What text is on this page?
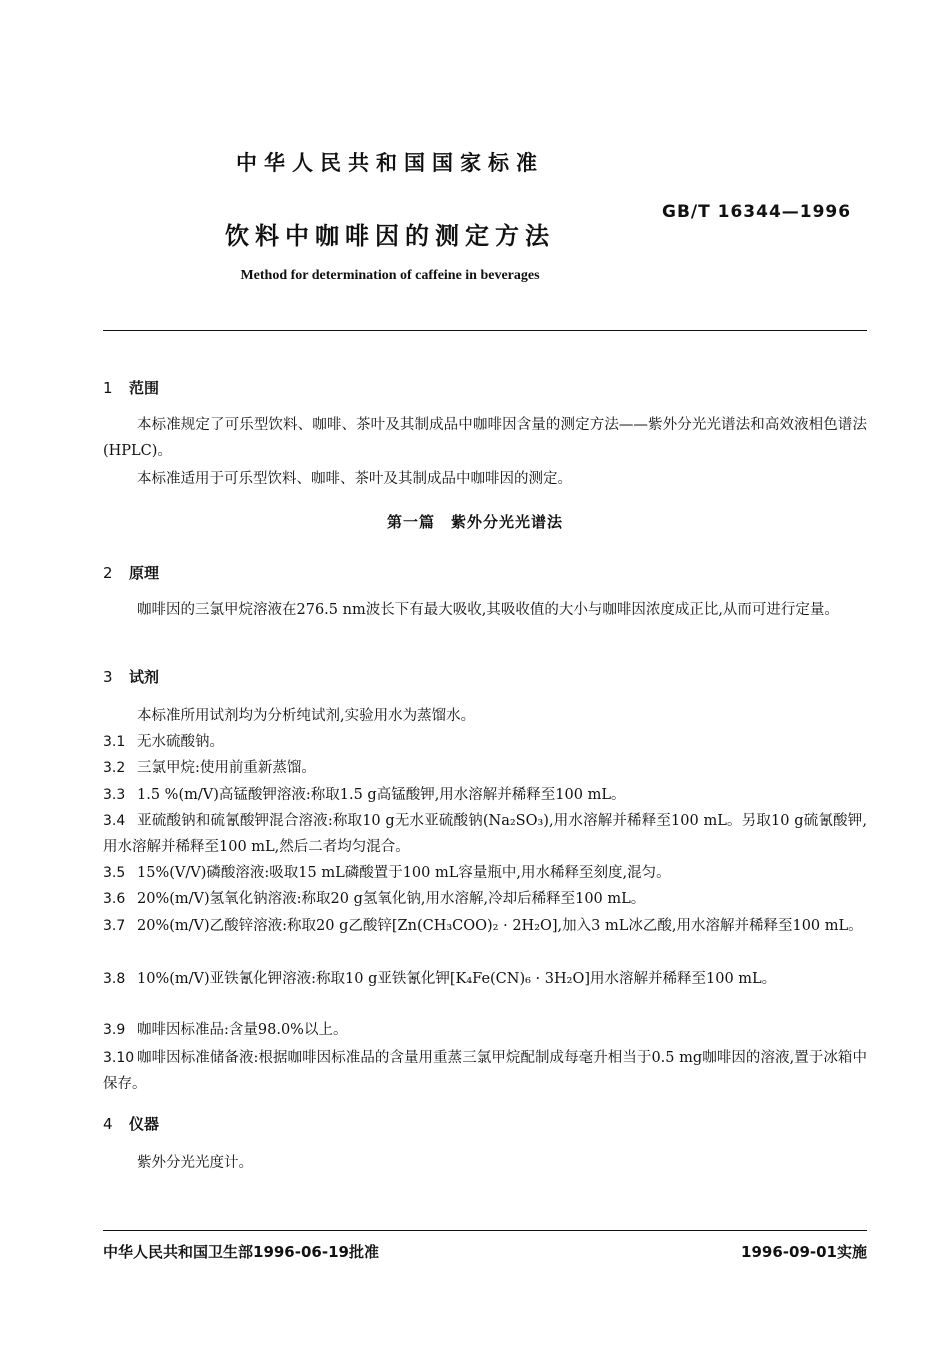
中华人民共和国国家标准
GB/T 16344—1996
饮料中咖啡因的测定方法
Method for determination of caffeine in beverages
1 范围
本标准规定了可乐型饮料、咖啡、茶叶及其制成品中咖啡因含量的测定方法——紫外分光光谱法和高效液相色谱法(HPLC)。
本标准适用于可乐型饮料、咖啡、茶叶及其制成品中咖啡因的测定。
第一篇　紫外分光光谱法
2 原理
咖啡因的三氯甲烷溶液在276.5 nm波长下有最大吸收,其吸收值的大小与咖啡因浓度成正比,从而可进行定量。
3 试剂
本标准所用试剂均为分析纯试剂,实验用水为蒸馏水。
3.1 无水硫酸钠。
3.2 三氯甲烷:使用前重新蒸馏。
3.3 1.5 %(m/V)高锰酸钾溶液:称取1.5 g高锰酸钾,用水溶解并稀释至100 mL。
3.4 亚硫酸钠和硫氰酸钾混合溶液:称取10 g无水亚硫酸钠(Na₂SO₃),用水溶解并稀释至100 mL。另取10 g硫氰酸钾,用水溶解并稀释至100 mL,然后二者均匀混合。
3.5 15%(V/V)磷酸溶液:吸取15 mL磷酸置于100 mL容量瓶中,用水稀释至刻度,混匀。
3.6 20%(m/V)氢氧化钠溶液:称取20 g氢氧化钠,用水溶解,冷却后稀释至100 mL。
3.7 20%(m/V)乙酸锌溶液:称取20 g乙酸锌[Zn(CH₃COO)₂ · 2H₂O],加入3 mL冰乙酸,用水溶解并稀释至100 mL。
3.8 10%(m/V)亚铁氰化钾溶液:称取10 g亚铁氰化钾[K₄Fe(CN)₆ · 3H₂O]用水溶解并稀释至100 mL。
3.9 咖啡因标准品:含量98.0%以上。
3.10 咖啡因标准储备液:根据咖啡因标准品的含量用重蒸三氯甲烷配制成每毫升相当于0.5 mg咖啡因的溶液,置于冰箱中保存。
4 仪器
紫外分光光度计。
中华人民共和国卫生部1996-06-19批准	1996-09-01实施
